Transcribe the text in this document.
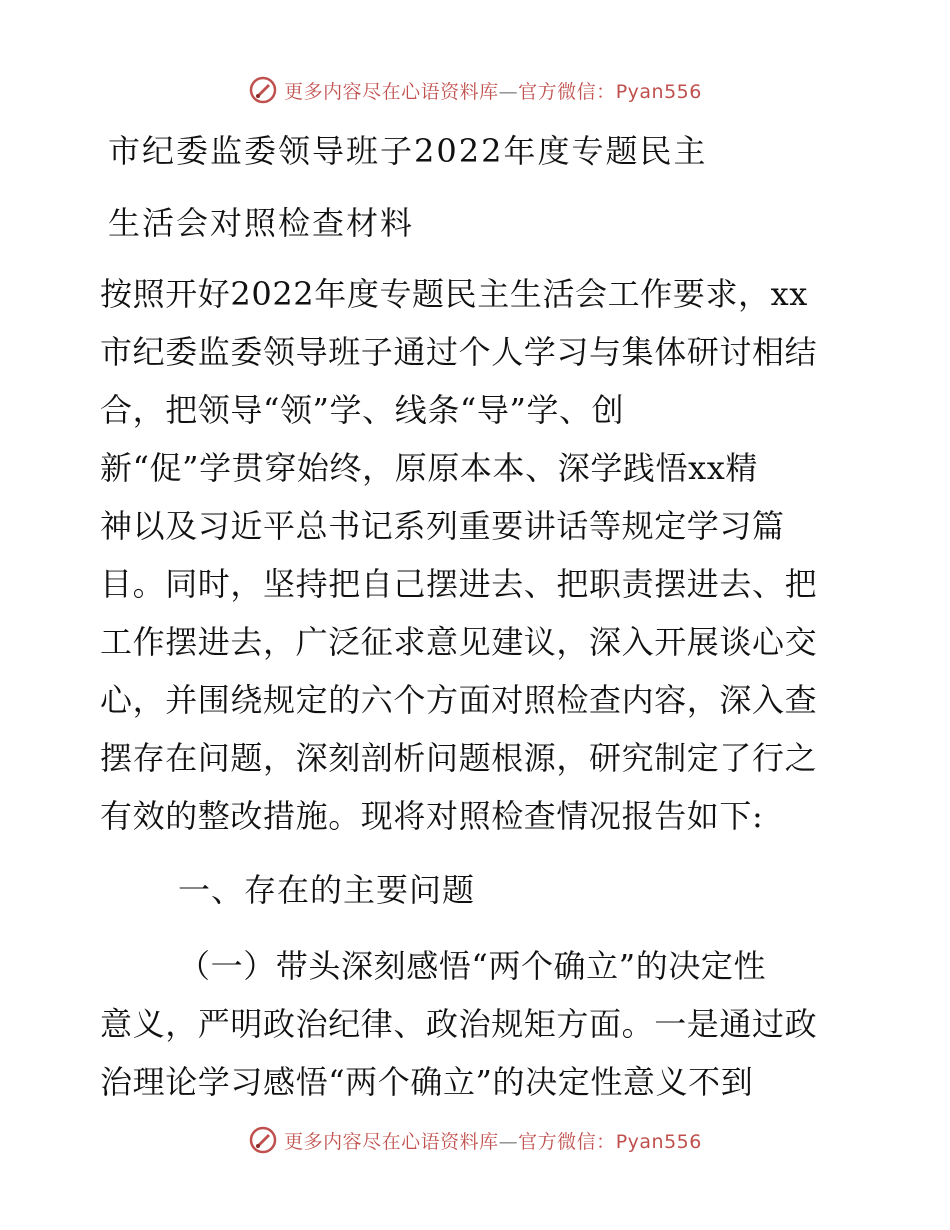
更多内容尽在心语资料库—官方微信：Pyan556
市纪委监委领导班子2022年度专题民主
生活会对照检查材料
按照开好2022年度专题民主生活会工作要求，xx
市纪委监委领导班子通过个人学习与集体研讨相结
合，把领导“领”学、线条“导”学、创
新“促”学贯穿始终，原原本本、深学践悟xx精
神以及习近平总书记系列重要讲话等规定学习篇
目。同时，坚持把自己摆进去、把职责摆进去、把
工作摆进去，广泛征求意见建议，深入开展谈心交
心，并围绕规定的六个方面对照检查内容，深入查
摆存在问题，深刻剖析问题根源，研究制定了行之
有效的整改措施。现将对照检查情况报告如下:
一、存在的主要问题
（一）带头深刻感悟“两个确立”的决定性
意义，严明政治纪律、政治规矩方面。一是通过政
治理论学习感悟“两个确立”的决定性意义不到
更多内容尽在心语资料库—官方微信：Pyan556
